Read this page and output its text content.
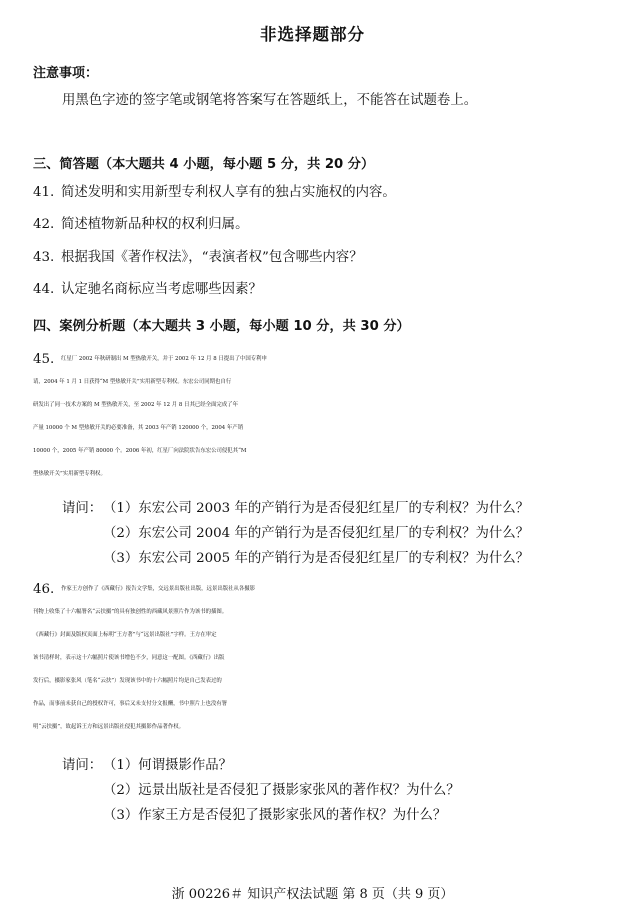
非选择题部分
注意事项：
用黑色字迹的签字笔或钢笔将答案写在答题纸上，不能答在试题卷上。
三、简答题（本大题共 4 小题，每小题 5 分，共 20 分）
41. 简述发明和实用新型专利权人享有的独占实施权的内容。
42. 简述植物新品种权的权利归属。
43. 根据我国《著作权法》，“表演者权”包含哪些内容？
44. 认定驰名商标应当考虑哪些因素？
四、案例分析题（本大题共 3 小题，每小题 10 分，共 30 分）
45.	红星厂 2002 年秋研制出 M 型热敏开关，并于 2002 年 12 月 8 日提出了中国专利申
请，2004 年 1 月 1 日获得“M 型热敏开关”实用新型专利权。东宏公司同期也自行
研发出了同一技术方案的 M 型热敏开关，至 2002 年 12 月 8 日其已经全面完成了年
产量 10000 个 M 型热敏开关的必要准备，其 2003 年产销 120000 个，2004 年产销
10000 个，2005 年产销 80000 个。2006 年初，红星厂向法院状告东宏公司侵犯其“M
型热敏开关”实用新型专利权。
请问： （1）东宏公司 2003 年的产销行为是否侵犯红星厂的专利权？为什么？
（2）东宏公司 2004 年的产销行为是否侵犯红星厂的专利权？为什么？
（3）东宏公司 2005 年的产销行为是否侵犯红星厂的专利权？为什么？
46.	作家王方创作了《西藏行》报告文学集，交远景出版社出版，远景出版社从各摄影
刊物上收集了十六幅署名“云扶摄”的具有独创性的西藏风景照片作为该书的插图。
《西藏行》封面及版权页面上标明“王方著”与“远景出版社”字样。王方在审定
该书清样时，表示这十六幅照片使该书增色不少，同意这一配图。《西藏行》出版
发行后，摄影家张风（笔名“云扶”）发现该书中的十六幅照片均是自己发表过的
作品，而事前未获自己的授权许可，事后又未支付分文报酬，书中照片上也没有署
明“云扶摄”，故起诉王方和远景出版社侵犯其摄影作品著作权。
请问： （1）何谓摄影作品？
（2）远景出版社是否侵犯了摄影家张风的著作权？为什么？
（3）作家王方是否侵犯了摄影家张风的著作权？为什么？
浙 00226＃ 知识产权法试题 第 8 页（共 9 页）
